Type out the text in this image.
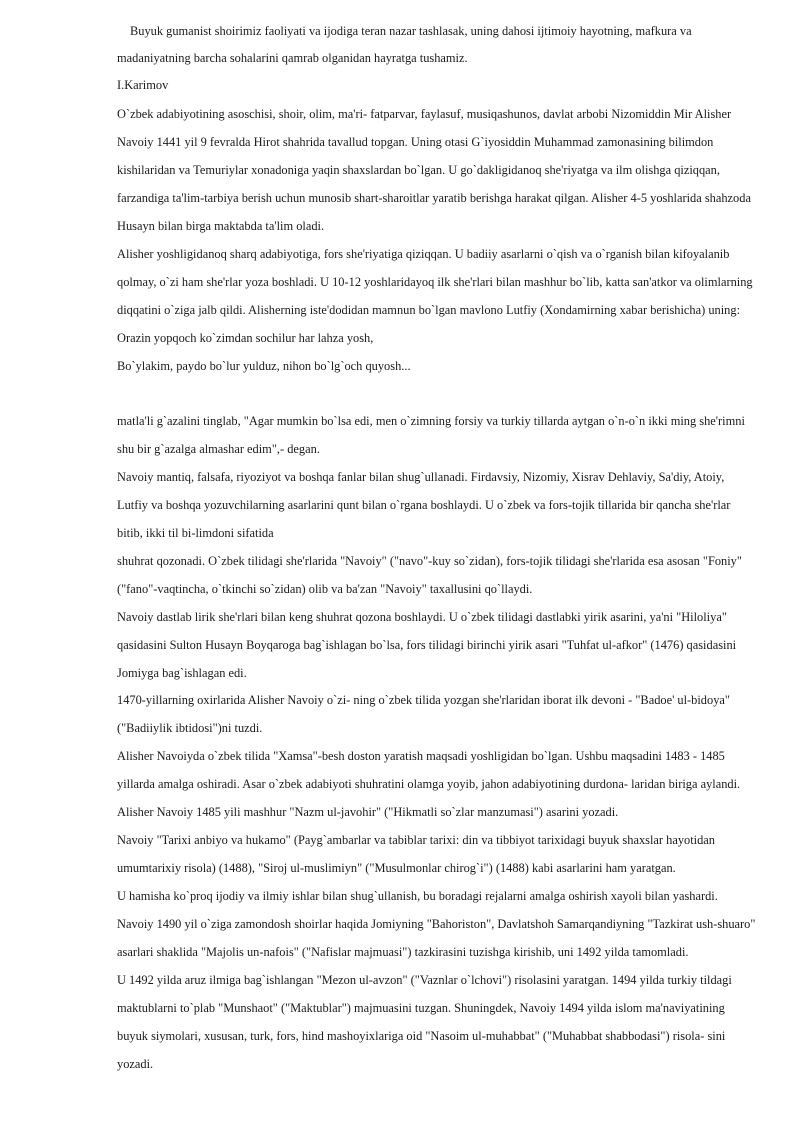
Buyuk gumanist shoirimiz faoliyati va ijodiga teran nazar tashlasak, uning dahosi ijtimoiy hayotning, mafkura va
madaniyatning barcha sohalarini qamrab olganidan hayratga tushamiz.
I.Karimov
O`zbek adabiyotining asoschisi, shoir, olim, ma'ri- fatparvar, faylasuf, musiqashunos, davlat arbobi Nizomiddin Mir Alisher
Navoiy 1441 yil 9 fevralda Hirot shahrida tavallud topgan. Uning otasi G`iyosiddin Muhammad zamonasining bilimdon
kishilaridan va Temuriylar xonadoniga yaqin shaxslardan bo`lgan. U go`dakligidanoq she'riyatga va ilm olishga qiziqqan,
farzandiga ta'lim-tarbiya berish uchun munosib shart-sharoitlar yaratib berishga harakat qilgan. Alisher 4-5 yoshlarida shahzoda
Husayn bilan birga maktabda ta'lim oladi.
Alisher yoshligidanoq sharq adabiyotiga, fors she'riyatiga qiziqqan. U badiiy asarlarni o`qish va o`rganish bilan kifoyalanib
qolmay, o`zi ham she'rlar yoza boshladi. U 10-12 yoshlaridayoq ilk she'rlari bilan mashhur bo`lib, katta san'atkor va olimlarning
diqqatini o`ziga jalb qildi. Alisherning iste'dodidan mamnun bo`lgan mavlono Lutfiy (Xondamirning xabar berishicha) uning:
Orazin yopqoch ko`zimdan sochilur har lahza yosh,
Bo`ylakim, paydo bo`lur yulduz, nihon bo`lg`och quyosh...
matla'li g`azalini tinglab, "Agar mumkin bo`lsa edi, men o`zimning forsiy va turkiy tillarda aytgan o`n-o`n ikki ming she'rimni
shu bir g`azalga almashar edim",- degan.
Navoiy mantiq, falsafa, riyoziyot va boshqa fanlar bilan shug`ullanadi. Firdavsiy, Nizomiy, Xisrav Dehlaviy, Sa'diy, Atoiy,
Lutfiy va boshqa yozuvchilarning asarlarini qunt bilan o`rgana boshlaydi. U o`zbek va fors-tojik tillarida bir qancha she'rlar
bitib, ikki til bi-limdoni sifatida
shuhrat qozonadi. O`zbek tilidagi she'rlarida "Navoiy" ("navo"-kuy so`zidan), fors-tojik tilidagi she'rlarida esa asosan "Foniy"
("fano"-vaqtincha, o`tkinchi so`zidan) olib va ba'zan "Navoiy" taxallusini qo`llaydi.
Navoiy dastlab lirik she'rlari bilan keng shuhrat qozona boshlaydi. U o`zbek tilidagi dastlabki yirik asarini, ya'ni "Hiloliya"
qasidasini Sulton Husayn Boyqaroga bag`ishlagan bo`lsa, fors tilidagi birinchi yirik asari "Tuhfat ul-afkor" (1476) qasidasini
Jomiyga bag`ishlagan edi.
1470-yillarning oxirlarida Alisher Navoiy o`zi- ning o`zbek tilida yozgan she'rlaridan iborat ilk devoni - "Badoe' ul-bidoya"
("Badiiylik ibtidosi")ni tuzdi.
Alisher Navoiyda o`zbek tilida "Xamsa"-besh doston yaratish maqsadi yoshligidan bo`lgan. Ushbu maqsadini 1483 - 1485
yillarda amalga oshiradi. Asar o`zbek adabiyoti shuhratini olamga yoyib, jahon adabiyotining durdona- laridan biriga aylandi.
Alisher Navoiy 1485 yili mashhur "Nazm ul-javohir" ("Hikmatli so`zlar manzumasi") asarini yozadi.
Navoiy "Tarixi anbiyo va hukamo" (Payg`ambarlar va tabiblar tarixi: din va tibbiyot tarixidagi buyuk shaxslar hayotidan
umumtarixiy risola) (1488), "Siroj ul-muslimiyn" ("Musulmonlar chirog`i") (1488) kabi asarlarini ham yaratgan.
U hamisha ko`proq ijodiy va ilmiy ishlar bilan shug`ullanish, bu boradagi rejalarni amalga oshirish xayoli bilan yashardi.
Navoiy 1490 yil o`ziga zamondosh shoirlar haqida Jomiyning "Bahoriston", Davlatshoh Samarqandiyning "Tazkirat ush-shuaro"
asarlari shaklida "Majolis un-nafois" ("Nafislar majmuasi") tazkirasini tuzishga kirishib, uni 1492 yilda tamomladi.
U 1492 yilda aruz ilmiga bag`ishlangan "Mezon ul-avzon" ("Vaznlar o`lchovi") risolasini yaratgan. 1494 yilda turkiy tildagi
maktublarni to`plab "Munshaot" ("Maktublar") majmuasini tuzgan. Shuningdek, Navoiy 1494 yilda islom ma'naviyatining
buyuk siymolari, xususan, turk, fors, hind mashoyixlariga oid "Nasoim ul-muhabbat" ("Muhabbat shabbodasi") risola- sini
yozadi.
